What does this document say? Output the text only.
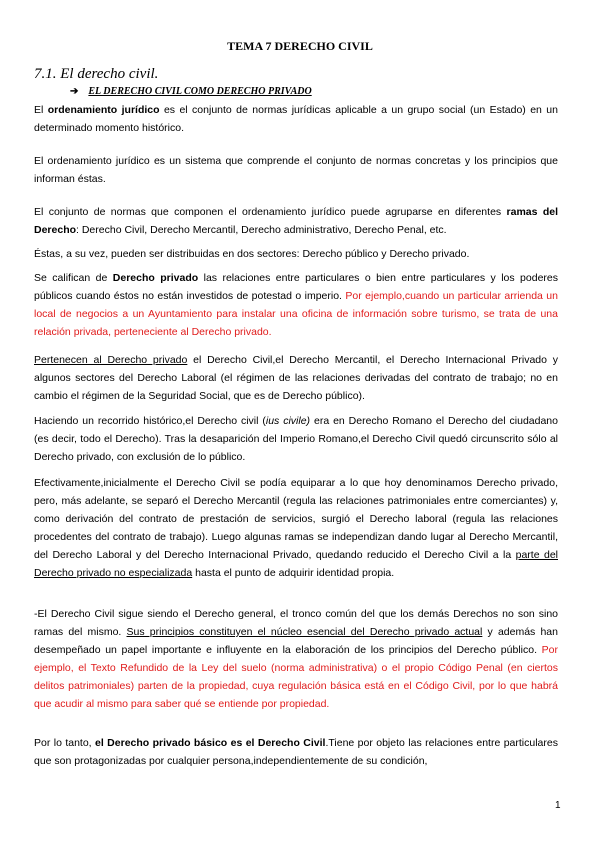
TEMA 7 DERECHO CIVIL
7.1. El derecho civil.
➔ EL DERECHO CIVIL COMO DERECHO PRIVADO
El ordenamiento jurídico es el conjunto de normas jurídicas aplicable a un grupo social (un Estado) en un determinado momento histórico.
El ordenamiento jurídico es un sistema que comprende el conjunto de normas concretas y los principios que informan éstas.
El conjunto de normas que componen el ordenamiento jurídico puede agruparse en diferentes ramas del Derecho: Derecho Civil, Derecho Mercantil, Derecho administrativo, Derecho Penal, etc.
Éstas, a su vez, pueden ser distribuidas en dos sectores: Derecho público y Derecho privado.
Se califican de Derecho privado las relaciones entre particulares o bien entre particulares y los poderes públicos cuando éstos no están investidos de potestad o imperio. Por ejemplo,cuando un particular arrienda un local de negocios a un Ayuntamiento para instalar una oficina de información sobre turismo, se trata de una relación privada, perteneciente al Derecho privado.
Pertenecen al Derecho privado el Derecho Civil,el Derecho Mercantil, el Derecho Internacional Privado y algunos sectores del Derecho Laboral (el régimen de las relaciones derivadas del contrato de trabajo; no en cambio el régimen de la Seguridad Social, que es de Derecho público).
Haciendo un recorrido histórico,el Derecho civil (ius civile) era en Derecho Romano el Derecho del ciudadano (es decir, todo el Derecho). Tras la desaparición del Imperio Romano,el Derecho Civil quedó circunscrito sólo al Derecho privado, con exclusión de lo público.
Efectivamente,inicialmente el Derecho Civil se podía equiparar a lo que hoy denominamos Derecho privado, pero, más adelante, se separó el Derecho Mercantil (regula las relaciones patrimoniales entre comerciantes) y, como derivación del contrato de prestación de servicios, surgió el Derecho laboral (regula las relaciones procedentes del contrato de trabajo). Luego algunas ramas se independizan dando lugar al Derecho Mercantil, del Derecho Laboral y del Derecho Internacional Privado, quedando reducido el Derecho Civil a la parte del Derecho privado no especializada hasta el punto de adquirir identidad propia.
-El Derecho Civil sigue siendo el Derecho general, el tronco común del que los demás Derechos no son sino ramas del mismo. Sus principios constituyen el núcleo esencial del Derecho privado actual y además han desempeñado un papel importante e influyente en la elaboración de los principios del Derecho público. Por ejemplo, el Texto Refundido de la Ley del suelo (norma administrativa) o el propio Código Penal (en ciertos delitos patrimoniales) parten de la propiedad, cuya regulación básica está en el Código Civil, por lo que habrá que acudir al mismo para saber qué se entiende por propiedad.
Por lo tanto, el Derecho privado básico es el Derecho Civil.Tiene por objeto las relaciones entre particulares que son protagonizadas por cualquier persona,independientemente de su condición,
1
